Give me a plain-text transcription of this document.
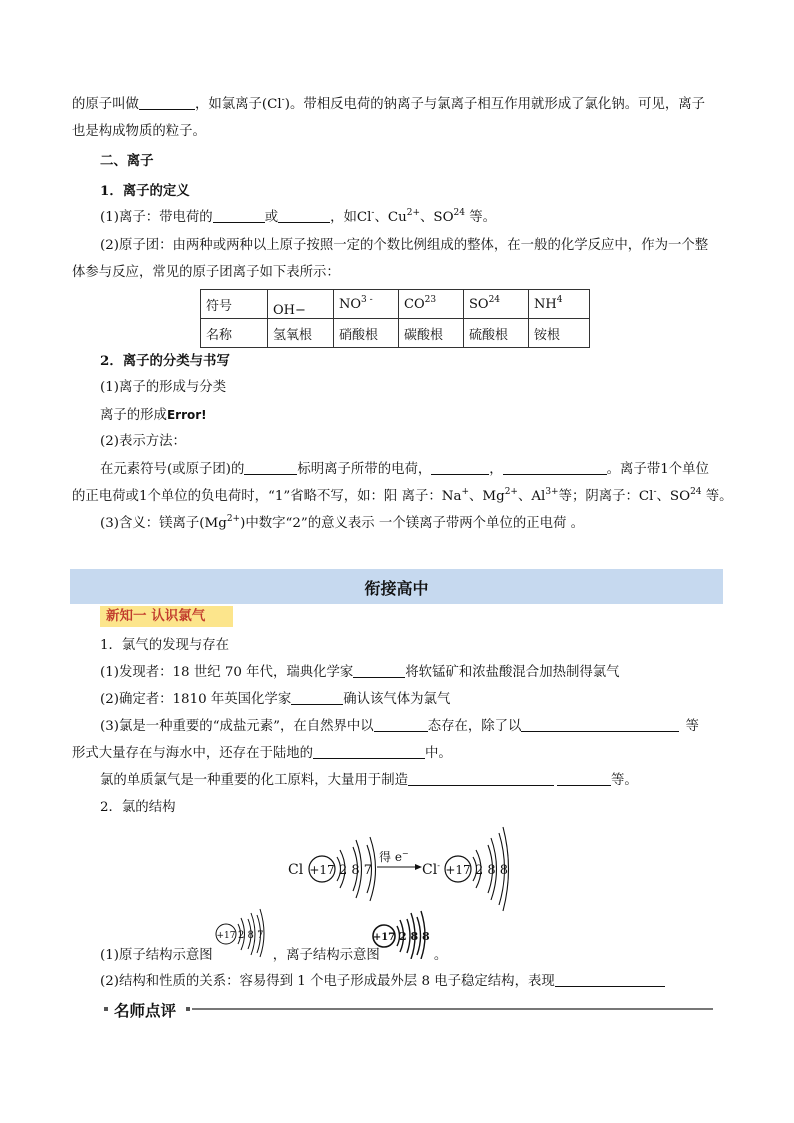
的原子叫做	，如氯离子(Cl-)。带相反电荷的钠离子与氯离子相互作用就形成了氯化钠。可见，离子
也是构成物质的粒子。
二、离子
1．离子的定义
(1)离子：带电荷的	或	，如Cl-、$Cu^{2+}$、SO$^{24}$ 等。
(2)原子团：由两种或两种以上原子按照一定的个数比例组成的整体，在一般的化学反应中，作为一个整
体参与反应，常见的原子团离子如下表所示：
符号	OH−	$NO^{3 -}$	CO$^{23}$	SO$^{24}$	$NH^4$
名称	氢氧根	硝酸根	碳酸根	硫酸根	铵根
2．离子的分类与书写
(1)离子的形成与分类
离子的形成Error!
(2)表示方法：
在元素符号(或原子团)的	标明离子所带的电荷，	，	。离子带1个单位
的正电荷或1个单位的负电荷时，“1”省略不写，如：阳 离子：Na+、$Mg^{2+}$、$Al^{3+}$等；阴离子：Cl-、SO$^{24}$ 等。
(3)含义：镁离子$(Mg^{2+})$中数字“2”的意义表示 一个镁离子带两个单位的正电荷 。
衔接高中
新知一 认识氯气
1．氯气的发现与存在
(1)发现者：18 世纪 70 年代，瑞典化学家	将软锰矿和浓盐酸混合加热制得氯气
(2)确定者：1810 年英国化学家	确认该气体为氯气
(3)氯是一种重要的“成盐元素”，在自然界中以	态存在，除了以	等
形式大量存在与海水中，还存在于陆地的	中。
氯的单质氯气是一种重要的化工原料，大量用于制造	等。
2．氯的结构
Cl +17 2 8 7
得 e−
Cl- +17 2 8 8
(1)原子结构示意图	，离子结构示意图	。
+17 2 8 7	+17 2 8 8
(2)结构和性质的关系：容易得到 1 个电子形成最外层 8 电子稳定结构，表现
名师点评
